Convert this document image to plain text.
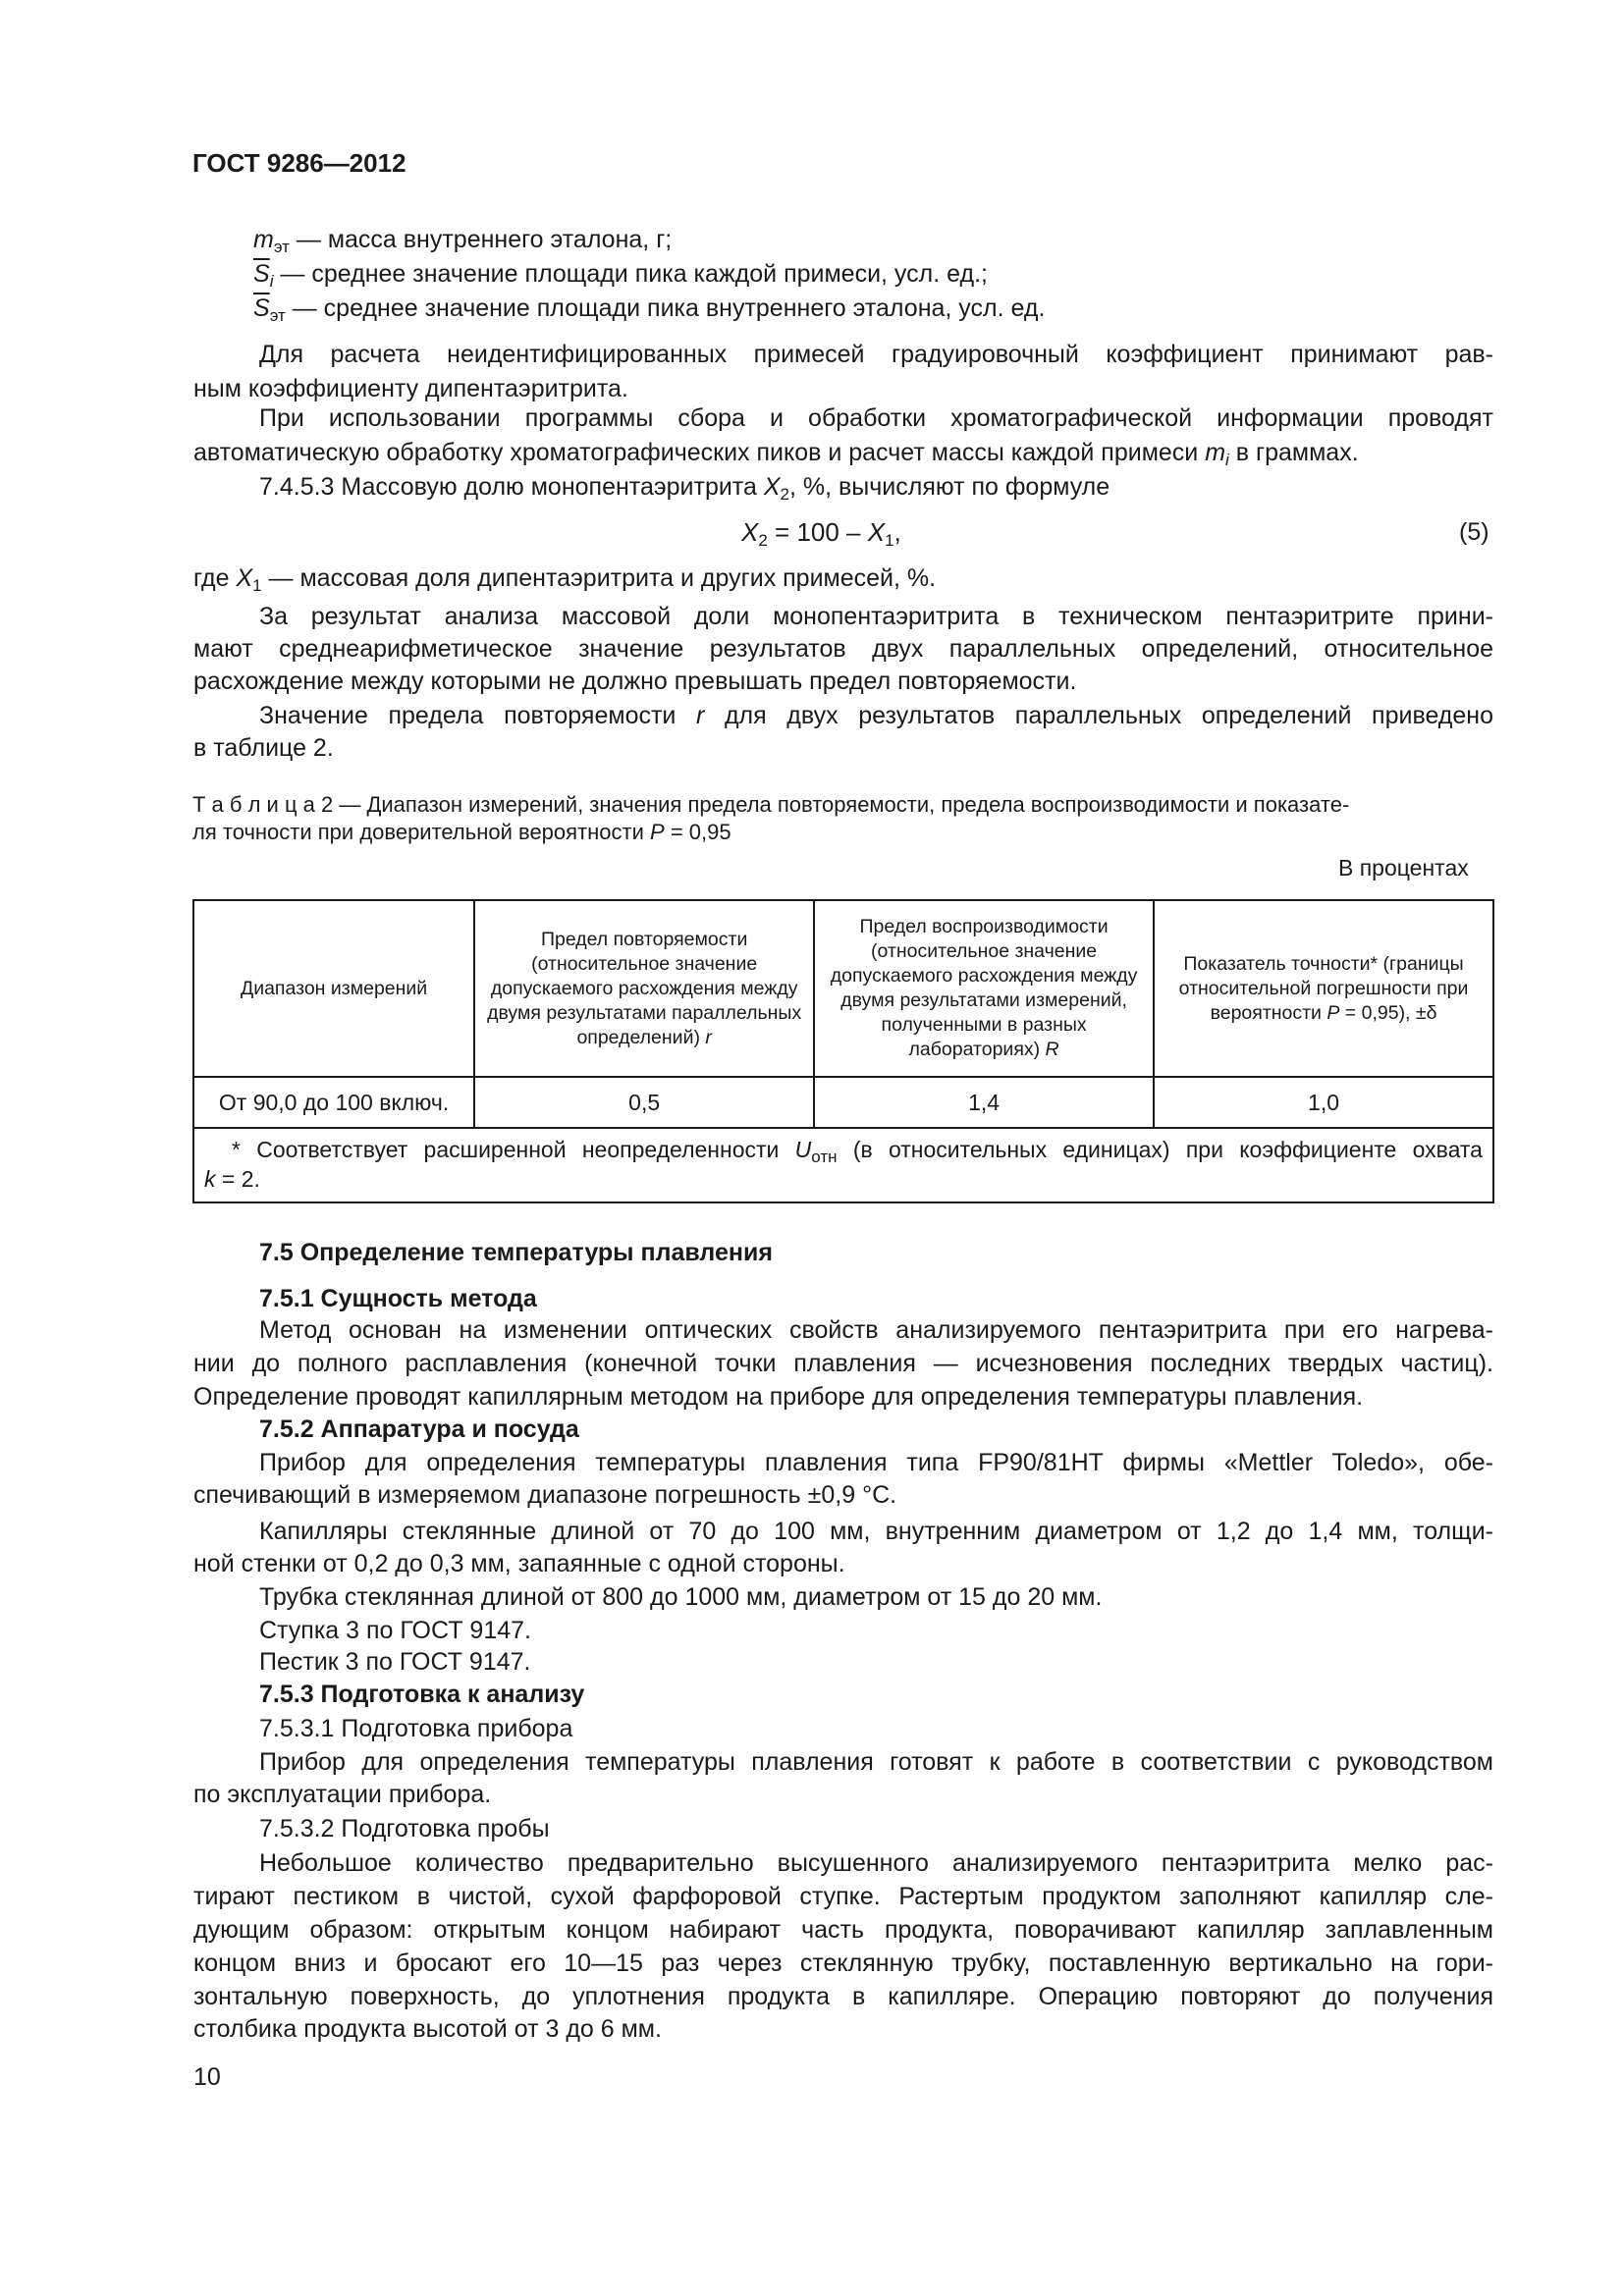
ГОСТ 9286—2012
$m_{эт}$ — масса внутреннего эталона, г;
$\overline{S}_i$ — среднее значение площади пика каждой примеси, усл. ед.;
$\overline{S}_{эт}$ — среднее значение площади пика внутреннего эталона, усл. ед.
Для расчета неидентифицированных примесей градуировочный коэффициент принимают рав-
ным коэффициенту дипентаэритрита.
При использовании программы сбора и обработки хроматографической информации проводят
автоматическую обработку хроматографических пиков и расчет массы каждой примеси $m_i$ в граммах.
7.4.5.3 Массовую долю монопентаэритрита $X_2$, %, вычисляют по формуле
$X_2 = 100 - X_1$,	(5)
где $X_1$ — массовая доля дипентаэритрита и других примесей, %.
За результат анализа массовой доли монопентаэритрита в техническом пентаэритрите прини-
мают среднеарифметическое значение результатов двух параллельных определений, относительное
расхождение между которыми не должно превышать предел повторяемости.
Значение предела повторяемости r для двух результатов параллельных определений приведено
в таблице 2.
Т а б л и ц а 2 — Диапазон измерений, значения предела повторяемости, предела воспроизводимости и показате-
ля точности при доверительной вероятности P = 0,95
В процентах
Диапазон измерений	Предел повторяемости (относительное значение допускаемого расхождения между двумя результатами параллельных определений) r	Предел воспроизводимости (относительное значение допускаемого расхождения между двумя результатами измерений, полученными в разных лабораториях) R	Показатель точности* (границы относительной погрешности при вероятности P = 0,95), ±δ
От 90,0 до 100 включ.	0,5	1,4	1,0

* Соответствует расширенной неопределенности $U_{отн}$ (в относительных единицах) при коэффициенте охвата
k = 2.			
7.5 Определение температуры плавления
7.5.1 Сущность метода
Метод основан на изменении оптических свойств анализируемого пентаэритрита при его нагрева-
нии до полного расплавления (конечной точки плавления — исчезновения последних твердых частиц).
Определение проводят капиллярным методом на приборе для определения температуры плавления.
7.5.2 Аппаратура и посуда
Прибор для определения температуры плавления типа FP90/81HT фирмы «Mettler Toledo», обе-
спечивающий в измеряемом диапазоне погрешность ±0,9 °С.
Капилляры стеклянные длиной от 70 до 100 мм, внутренним диаметром от 1,2 до 1,4 мм, толщи-
ной стенки от 0,2 до 0,3 мм, запаянные с одной стороны.
Трубка стеклянная длиной от 800 до 1000 мм, диаметром от 15 до 20 мм.
Ступка 3 по ГОСТ 9147.
Пестик 3 по ГОСТ 9147.
7.5.3 Подготовка к анализу
7.5.3.1 Подготовка прибора
Прибор для определения температуры плавления готовят к работе в соответствии с руководством
по эксплуатации прибора.
7.5.3.2 Подготовка пробы
Небольшое количество предварительно высушенного анализируемого пентаэритрита мелко рас-
тирают пестиком в чистой, сухой фарфоровой ступке. Растертым продуктом заполняют капилляр сле-
дующим образом: открытым концом набирают часть продукта, поворачивают капилляр заплавленным
концом вниз и бросают его 10—15 раз через стеклянную трубку, поставленную вертикально на гори-
зонтальную поверхность, до уплотнения продукта в капилляре. Операцию повторяют до получения
столбика продукта высотой от 3 до 6 мм.
10
